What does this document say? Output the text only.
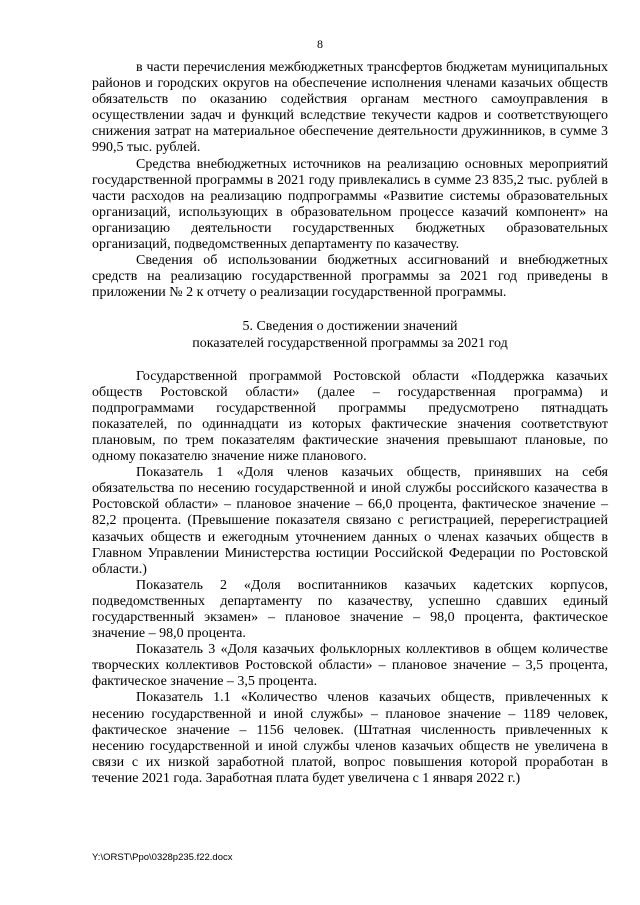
8

в части перечисления межбюджетных трансфертов бюджетам муниципальных районов и городских округов на обеспечение исполнения членами казачьих обществ обязательств по оказанию содействия органам местного самоуправления в осуществлении задач и функций вследствие текучести кадров и соответствующего снижения затрат на материальное обеспечение деятельности дружинников, в сумме 3 990,5 тыс. рублей.

Средства внебюджетных источников на реализацию основных мероприятий государственной программы в 2021 году привлекались в сумме 23 835,2 тыс. рублей в части расходов на реализацию подпрограммы «Развитие системы образовательных организаций, использующих в образовательном процессе казачий компонент» на организацию деятельности государственных бюджетных образовательных организаций, подведомственных департаменту по казачеству.

Сведения об использовании бюджетных ассигнований и внебюджетных средств на реализацию государственной программы за 2021 год приведены в приложении № 2 к отчету о реализации государственной программы.

5. Сведения о достижении значений
показателей государственной программы за 2021 год

Государственной программой Ростовской области «Поддержка казачьих обществ Ростовской области» (далее – государственная программа) и подпрограммами государственной программы предусмотрено пятнадцать показателей, по одиннадцати из которых фактические значения соответствуют плановым, по трем показателям фактические значения превышают плановые, по одному показателю значение ниже планового.

Показатель 1 «Доля членов казачьих обществ, принявших на себя обязательства по несению государственной и иной службы российского казачества в Ростовской области» – плановое значение – 66,0 процента, фактическое значение – 82,2 процента. (Превышение показателя связано с регистрацией, перерегистрацией казачьих обществ и ежегодным уточнением данных о членах казачьих обществ в Главном Управлении Министерства юстиции Российской Федерации по Ростовской области.)

Показатель 2 «Доля воспитанников казачьих кадетских корпусов, подведомственных департаменту по казачеству, успешно сдавших единый государственный экзамен» – плановое значение – 98,0 процента, фактическое значение – 98,0 процента.

Показатель 3 «Доля казачьих фольклорных коллективов в общем количестве творческих коллективов Ростовской области» – плановое значение – 3,5 процента, фактическое значение – 3,5 процента.

Показатель 1.1 «Количество членов казачьих обществ, привлеченных к несению государственной и иной службы» – плановое значение – 1189 человек, фактическое значение – 1156 человек. (Штатная численность привлеченных к несению государственной и иной службы членов казачьих обществ не увеличена в связи с их низкой заработной платой, вопрос повышения которой проработан в течение 2021 года. Заработная плата будет увеличена с 1 января 2022 г.)

Y:\ORST\Ppo\0328p235.f22.docx
